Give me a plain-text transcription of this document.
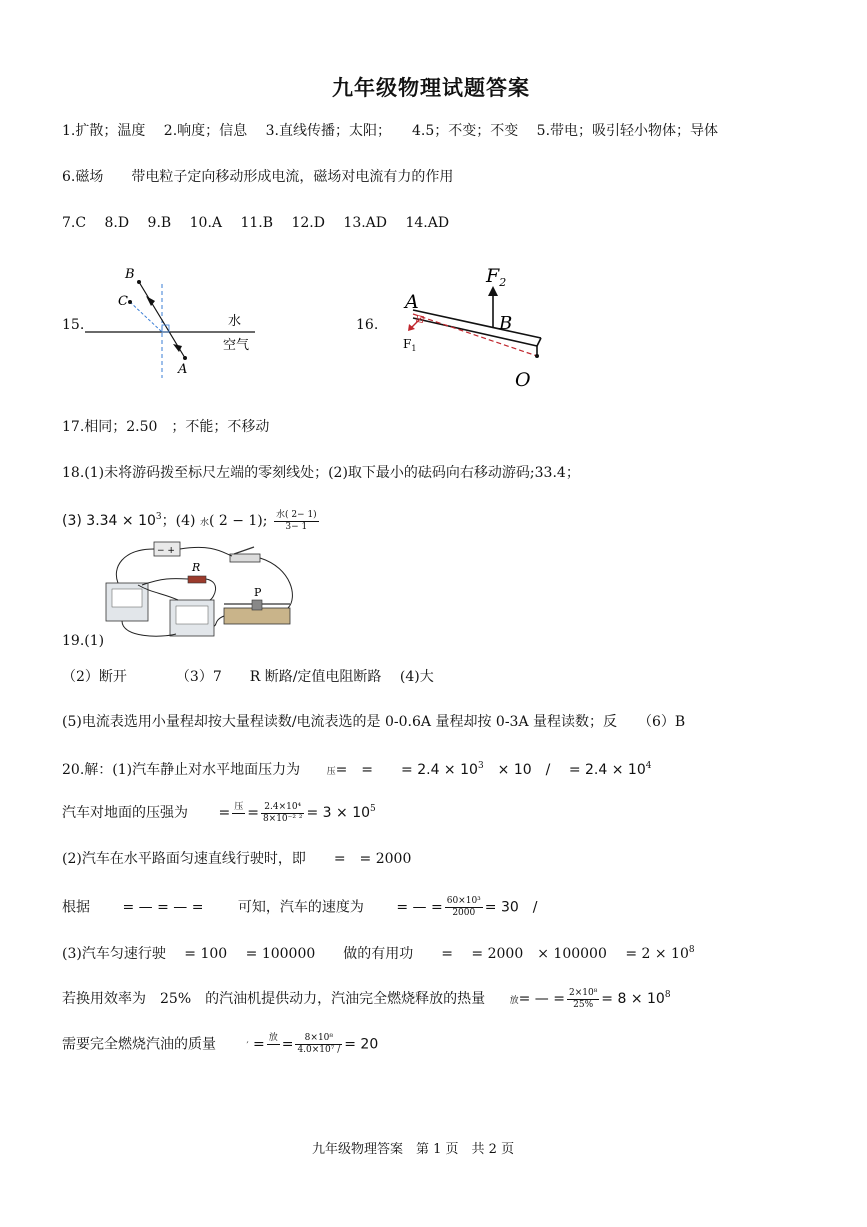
九年级物理试题答案
1.扩散；温度　 2.响度；信息　 3.直线传播；太阳；　　4.5；不变；不变　 5.带电；吸引轻小物体；导体
6.磁场　　带电粒子定向移动形成电流，磁场对电流有力的作用
7.C　 8.D　 9.B　 10.A　 11.B　 12.D　 13.AD　 14.AD
15.
B
C
A
水
空气
16.
A
B
O
$F_2$
$F_1$
17.相同；2.50　；不能；不移动
18.(1)未将游码拨至标尺左端的零刻线处；(2)取下最小的砝码向右移动游码;33.4；
(3) $3.34 \times 10^3$；(4) 水( 2 − 1); $\frac{\text{水( 2− 1)}}{3- 1}$
− +
R
P
19.(1)
（2）断开　　　　（3）7　　R 断路/定值电阻断路　 (4)大
(5)电流表选用小量程却按大量程读数/电流表选的是 0-0.6A 量程却按 0-3A 量程读数；反　　（6）B
20.解：(1)汽车静止对水平地面压力为	压=　=　　= $2.4 \times 10^3$　× 10　/　 = $2.4 \times 10^4$
汽车对地面的压强为 = 压
= $\frac{\text{2.4×10⁴}}{\text{8×10⁻² ²}} = 3 \times 10^5$
(2)汽车在水平路面匀速直线行驶时，即　　=　= 2000
根据 = — = — = 可知，汽车的速度为 = — = $\frac{\text{60×10³}}{2000} = 30$　/
(3)汽车匀速行驶　 = 100　 = 100000　　做的有用功　　=　 = 2000　× 100000　 = $2 \times 10^8$
若换用效率为　25%　的汽油机提供动力，汽油完全燃烧释放的热量	放= — = $\frac{\text{2×10⁸}}{25\%} = 8 \times 10^8$
需要完全燃烧汽油的质量	′ = 放
= $\frac{\text{8×10⁸}}{\text{4.0×10⁷ /}} = 20$
九年级物理答案　第 1 页　共 2 页
